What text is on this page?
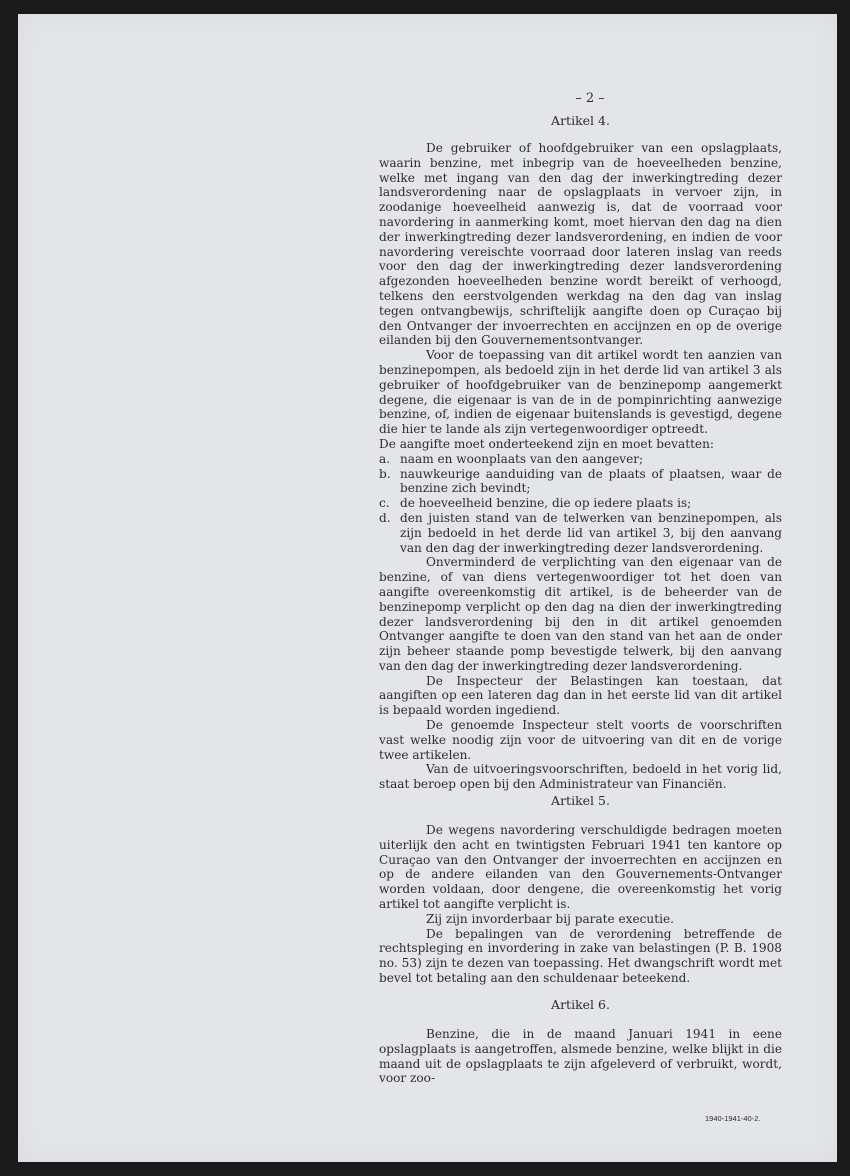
– 2 –

Artikel 4.

De gebruiker of hoofdgebruiker van een opslagplaats, waarin benzine, met inbegrip van de hoeveelheden benzine, welke met ingang van den dag der inwerkingtreding dezer landsverordening naar de opslagplaats in vervoer zijn, in zoodanige hoeveelheid aanwezig is, dat de voorraad voor navordering in aanmerking komt, moet hiervan den dag na dien der inwerkingtreding dezer landsverordening, en indien de voor navordering vereischte voorraad door lateren inslag van reeds voor den dag der inwerkingtreding dezer landsverordening afgezonden hoeveelheden benzine wordt bereikt of verhoogd, telkens den eerstvolgenden werkdag na den dag van inslag tegen ontvangbewijs, schriftelijk aangifte doen op Curaçao bij den Ontvanger der invoerrechten en accijnzen en op de overige eilanden bij den Gouvernementsontvanger.

Voor de toepassing van dit artikel wordt ten aanzien van benzinepompen, als bedoeld zijn in het derde lid van artikel 3 als gebruiker of hoofdgebruiker van de benzinepomp aangemerkt degene, die eigenaar is van de in de pompinrichting aanwezige benzine, of, indien de eigenaar buitenslands is gevestigd, degene die hier te lande als zijn vertegenwoordiger optreedt.

De aangifte moet onderteekend zijn en moet bevatten:

a. naam en woonplaats van den aangever;
b. nauwkeurige aanduiding van de plaats of plaatsen, waar de benzine zich bevindt;
c. de hoeveelheid benzine, die op iedere plaats is;
d. den juisten stand van de telwerken van benzinepompen, als zijn bedoeld in het derde lid van artikel 3, bij den aanvang van den dag der inwerkingtreding dezer landsverordening.

Onverminderd de verplichting van den eigenaar van de benzine, of van diens vertegenwoordiger tot het doen van aangifte overeenkomstig dit artikel, is de beheerder van de benzinepomp verplicht op den dag na dien der inwerkingtreding dezer landsverordening bij den in dit artikel genoemden Ontvanger aangifte te doen van den stand van het aan de onder zijn beheer staande pomp bevestigde telwerk, bij den aanvang van den dag der inwerkingtreding dezer landsverordening.

De Inspecteur der Belastingen kan toestaan, dat aangiften op een lateren dag dan in het eerste lid van dit artikel is bepaald worden ingediend.

De genoemde Inspecteur stelt voorts de voorschriften vast welke noodig zijn voor de uitvoering van dit en de vorige twee artikelen.

Van de uitvoeringsvoorschriften, bedoeld in het vorig lid, staat beroep open bij den Administrateur van Financiën.

Artikel 5.

De wegens navordering verschuldigde bedragen moeten uiterlijk den acht en twintigsten Februari 1941 ten kantore op Curaçao van den Ontvanger der invoerrechten en accijnzen en op de andere eilanden van den Gouvernements-Ontvanger worden voldaan, door dengene, die overeenkomstig het vorig artikel tot aangifte verplicht is.

Zij zijn invorderbaar bij parate executie.

De bepalingen van de verordening betreffende de rechtspleging en invordering in zake van belastingen (P. B. 1908 no. 53) zijn te dezen van toepassing. Het dwangschrift wordt met bevel tot betaling aan den schuldenaar beteekend.

Artikel 6.

Benzine, die in de maand Januari 1941 in eene opslagplaats is aangetroffen, alsmede benzine, welke blijkt in die maand uit de opslagplaats te zijn afgeleverd of verbruikt, wordt, voor zoo-

1940-1941-40-2.
